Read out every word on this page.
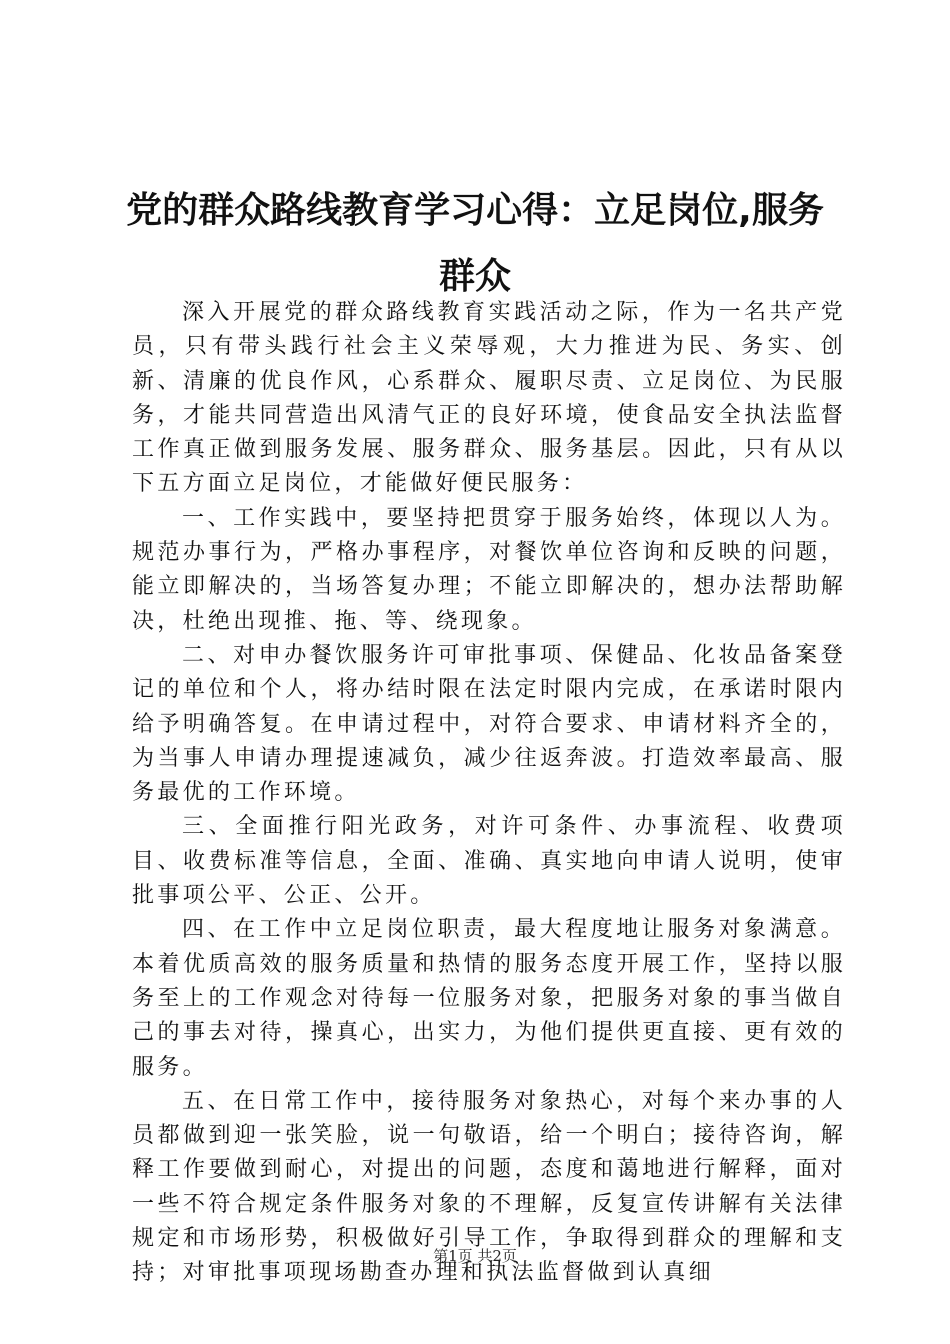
党的群众路线教育学习心得：立足岗位,服务群众

深入开展党的群众路线教育实践活动之际，作为一名共产党员，只有带头践行社会主义荣辱观，大力推进为民、务实、创新、清廉的优良作风，心系群众、履职尽责、立足岗位、为民服务，才能共同营造出风清气正的良好环境，使食品安全执法监督工作真正做到服务发展、服务群众、服务基层。因此，只有从以下五方面立足岗位，才能做好便民服务：

一、工作实践中，要坚持把贯穿于服务始终，体现以人为。规范办事行为，严格办事程序，对餐饮单位咨询和反映的问题，能立即解决的，当场答复办理；不能立即解决的，想办法帮助解决，杜绝出现推、拖、等、绕现象。

二、对申办餐饮服务许可审批事项、保健品、化妆品备案登记的单位和个人，将办结时限在法定时限内完成，在承诺时限内给予明确答复。在申请过程中，对符合要求、申请材料齐全的，为当事人申请办理提速减负，减少往返奔波。打造效率最高、服务最优的工作环境。

三、全面推行阳光政务，对许可条件、办事流程、收费项目、收费标准等信息，全面、准确、真实地向申请人说明，使审批事项公平、公正、公开。

四、在工作中立足岗位职责，最大程度地让服务对象满意。本着优质高效的服务质量和热情的服务态度开展工作，坚持以服务至上的工作观念对待每一位服务对象，把服务对象的事当做自己的事去对待，操真心，出实力，为他们提供更直接、更有效的服务。

五、在日常工作中，接待服务对象热心，对每个来办事的人员都做到迎一张笑脸，说一句敬语，给一个明白；接待咨询，解释工作要做到耐心，对提出的问题，态度和蔼地进行解释，面对一些不符合规定条件服务对象的不理解，反复宣传讲解有关法律规定和市场形势，积极做好引导工作，争取得到群众的理解和支持；对审批事项现场勘查办理和执法监督做到认真细

第1页 共2页
